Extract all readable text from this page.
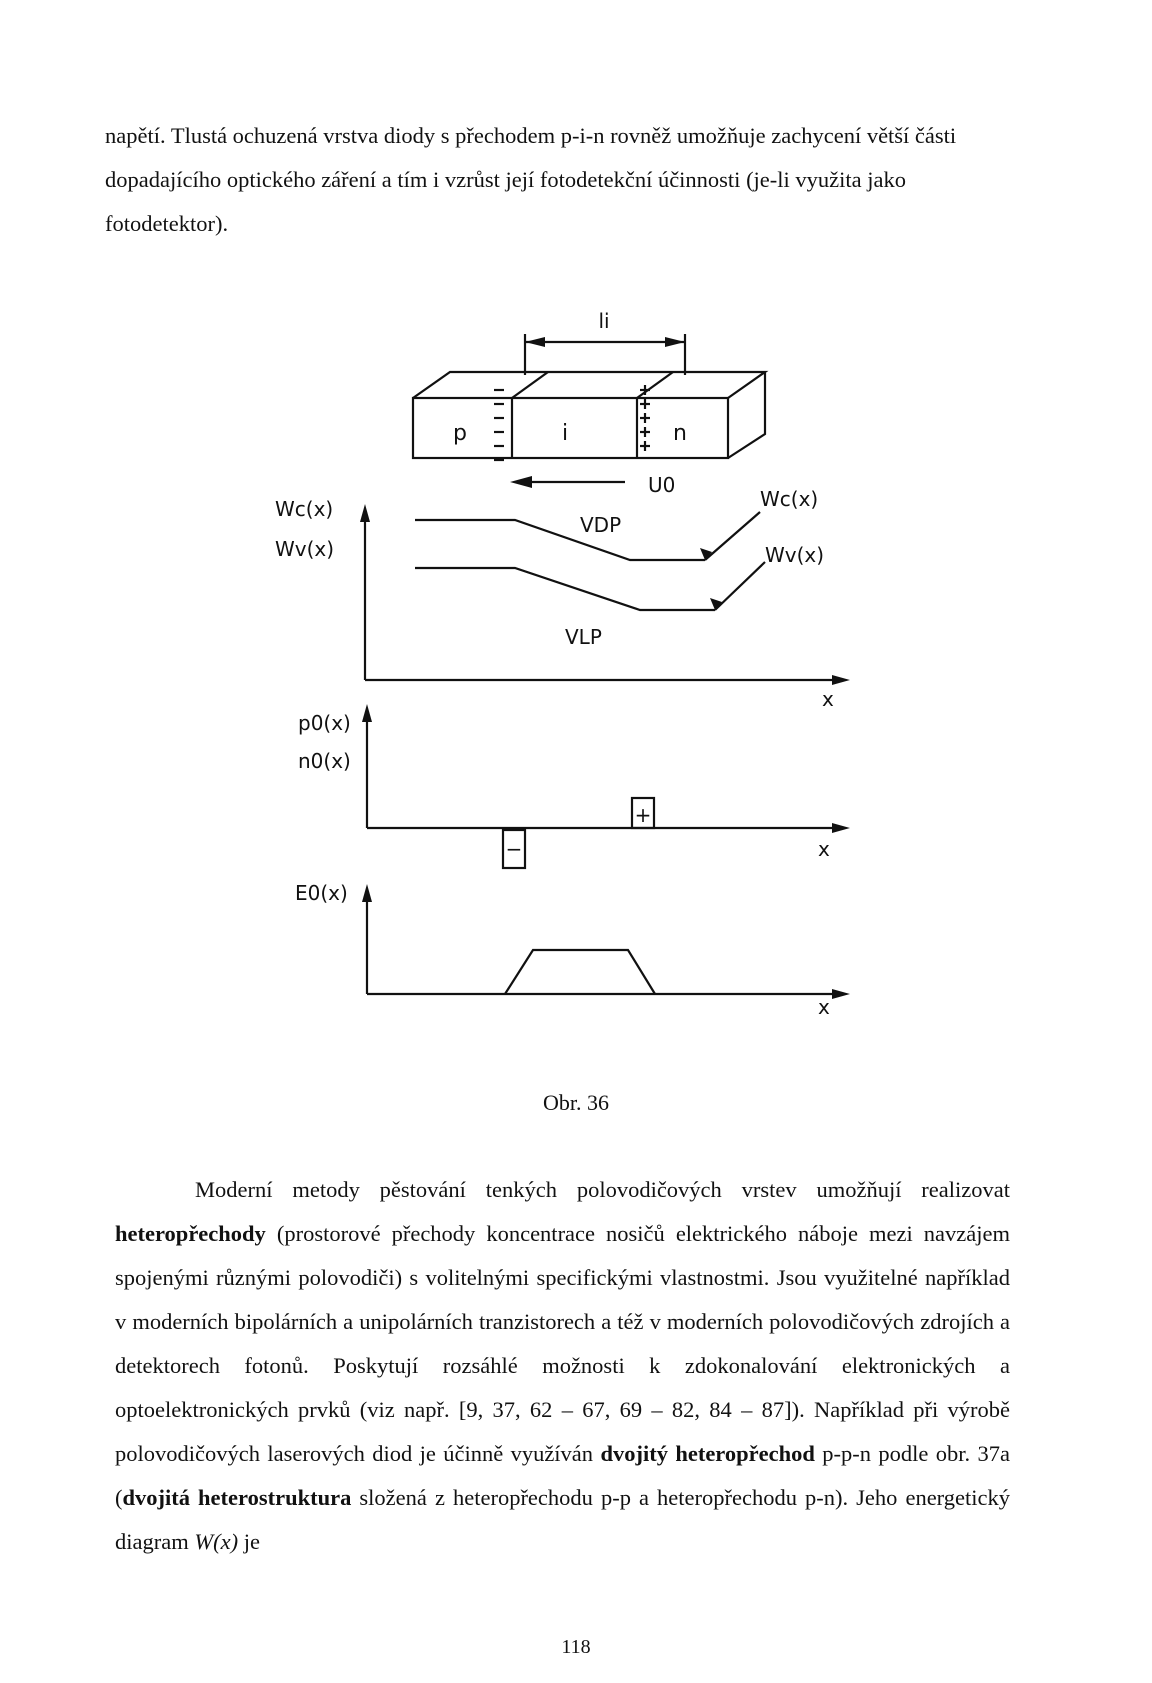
napětí. Tlustá ochuzená vrstva diody s přechodem p-i-n rovněž umožňuje zachycení větší části dopadajícího optického záření a tím i vzrůst její fotodetekční účinnosti (je-li využita jako fotodetektor).

li
p	i	n
U0
Wc(x)
Wv(x)
VDP
VLP
Wc(x)
Wv(x)
x
p0(x)
n0(x)
+
−	x
E0(x)
x
Obr. 36

Moderní metody pěstování tenkých polovodičových vrstev umožňují realizovat heteropřechody (prostorové přechody koncentrace nosičů elektrického náboje mezi navzájem spojenými různými polovodiči) s volitelnými specifickými vlastnostmi. Jsou využitelné například v moderních bipolárních a unipolárních tranzistorech a též v moderních polovodičových zdrojích a detektorech fotonů. Poskytují rozsáhlé možnosti k zdokonalování elektronických a optoelektronických prvků (viz např. [9, 37, 62 – 67, 69 – 82, 84 – 87]). Například při výrobě polovodičových laserových diod je účinně využíván dvojitý heteropřechod p-p-n podle obr. 37a (dvojitá heterostruktura složená z heteropřechodu p-p a heteropřechodu p-n). Jeho energetický diagram W(x) je

118
